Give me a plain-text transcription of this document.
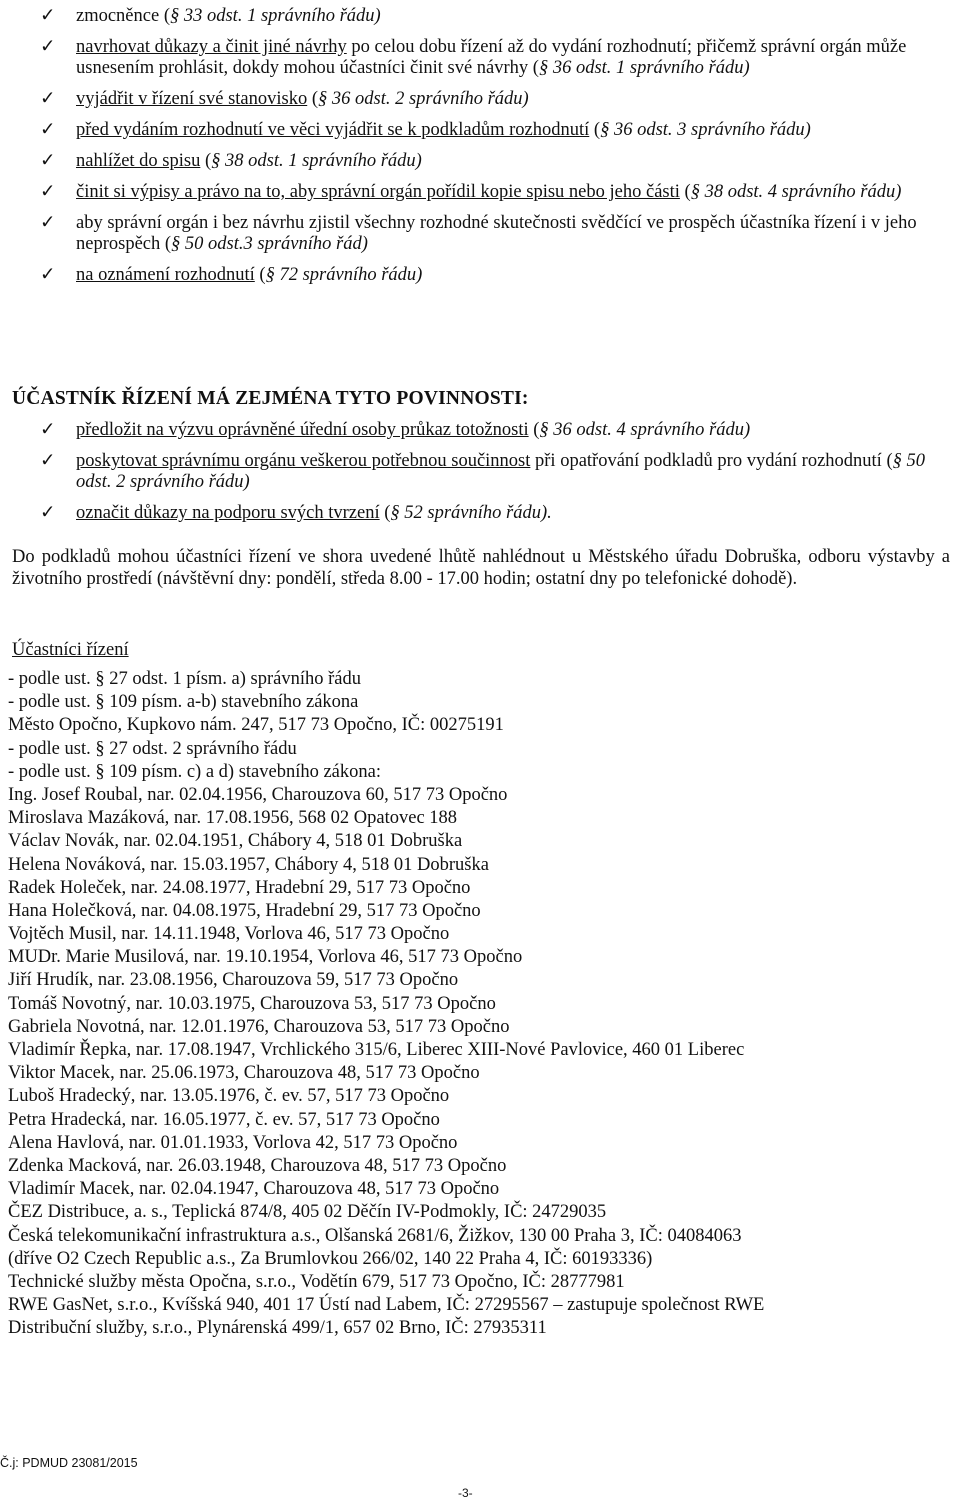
✓	zmocněnce (§ 33 odst. 1 správního řádu)
✓	navrhovat důkazy a činit jiné návrhy po celou dobu řízení až do vydání rozhodnutí; přičemž správní orgán může usnesením prohlásit, dokdy mohou účastníci činit své návrhy (§ 36 odst. 1 správního řádu)
✓	vyjádřit v řízení své stanovisko (§ 36 odst. 2 správního řádu)
✓	před vydáním rozhodnutí ve věci vyjádřit se k podkladům rozhodnutí (§ 36 odst. 3 správního řádu)
✓	nahlížet do spisu (§ 38 odst. 1 správního řádu)
✓	činit si výpisy a právo na to, aby správní orgán pořídil kopie spisu nebo jeho části (§ 38 odst. 4 správního řádu)
✓	aby správní orgán i bez návrhu zjistil všechny rozhodné skutečnosti svědčící ve prospěch účastníka řízení i v jeho neprospěch (§ 50 odst.3 správního řád)
✓	na oznámení rozhodnutí (§ 72 správního řádu)
ÚČASTNÍK ŘÍZENÍ MÁ ZEJMÉNA TYTO POVINNOSTI:
✓	předložit na výzvu oprávněné úřední osoby průkaz totožnosti (§ 36 odst. 4 správního řádu)
✓	poskytovat správnímu orgánu veškerou potřebnou součinnost při opatřování podkladů pro vydání rozhodnutí (§ 50 odst. 2 správního řádu)
✓	označit důkazy na podporu svých tvrzení (§ 52 správního řádu).
Do podkladů mohou účastníci řízení ve shora uvedené lhůtě nahlédnout u Městského úřadu Dobruška, odboru výstavby a životního prostředí (návštěvní dny: pondělí, středa 8.00 - 17.00 hodin; ostatní dny po telefonické dohodě).
Účastníci řízení
- podle ust. § 27 odst. 1 písm. a) správního řádu
- podle ust. § 109 písm. a-b) stavebního zákona
Město Opočno, Kupkovo nám. 247, 517 73 Opočno, IČ: 00275191
- podle ust. § 27 odst. 2 správního řádu
- podle ust. § 109 písm. c) a d) stavebního zákona:
Ing. Josef Roubal, nar. 02.04.1956, Charouzova 60, 517 73 Opočno
Miroslava Mazáková, nar. 17.08.1956, 568 02 Opatovec 188
Václav Novák, nar. 02.04.1951, Chábory 4, 518 01 Dobruška
Helena Nováková, nar. 15.03.1957, Chábory 4, 518 01 Dobruška
Radek Holeček, nar. 24.08.1977, Hradební 29, 517 73 Opočno
Hana Holečková, nar. 04.08.1975, Hradební 29, 517 73 Opočno
Vojtěch Musil, nar. 14.11.1948, Vorlova 46, 517 73 Opočno
MUDr. Marie Musilová, nar. 19.10.1954, Vorlova 46, 517 73 Opočno
Jiří Hrudík, nar. 23.08.1956, Charouzova 59, 517 73 Opočno
Tomáš Novotný, nar. 10.03.1975, Charouzova 53, 517 73 Opočno
Gabriela Novotná, nar. 12.01.1976, Charouzova 53, 517 73 Opočno
Vladimír Řepka, nar. 17.08.1947, Vrchlického 315/6, Liberec XIII-Nové Pavlovice, 460 01 Liberec
Viktor Macek, nar. 25.06.1973, Charouzova 48, 517 73 Opočno
Luboš Hradecký, nar. 13.05.1976, č. ev. 57, 517 73 Opočno
Petra Hradecká, nar. 16.05.1977, č. ev. 57, 517 73 Opočno
Alena Havlová, nar. 01.01.1933, Vorlova 42, 517 73 Opočno
Zdenka Macková, nar. 26.03.1948, Charouzova 48, 517 73 Opočno
Vladimír Macek, nar. 02.04.1947, Charouzova 48, 517 73 Opočno
ČEZ Distribuce, a. s., Teplická 874/8, 405 02 Děčín IV-Podmokly, IČ: 24729035
Česká telekomunikační infrastruktura a.s., Olšanská 2681/6, Žižkov, 130 00 Praha 3, IČ: 04084063
(dříve O2 Czech Republic a.s., Za Brumlovkou 266/02, 140 22 Praha 4, IČ: 60193336)
Technické služby města Opočna, s.r.o., Vodětín 679, 517 73 Opočno, IČ: 28777981
RWE GasNet, s.r.o., Kvíšská 940, 401 17 Ústí nad Labem, IČ: 27295567 – zastupuje společnost RWE
Distribuční služby, s.r.o., Plynárenská 499/1, 657 02 Brno, IČ: 27935311
Č.j: PDMUD 23081/2015
-3-
